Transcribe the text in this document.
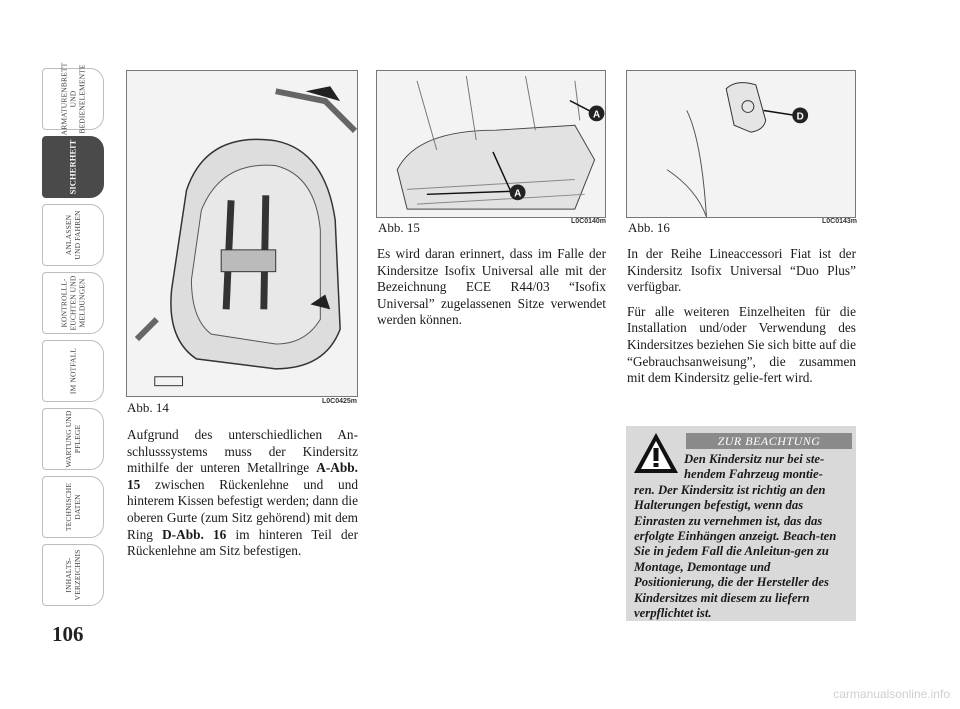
ARMATURENBRETT
UND
BEDIENELEMENTE
SICHERHEIT
ANLASSEN
UND FAHREN
KONTROLLL-
EUCHTEN UND
MELDUNGEN
IM NOTFALL
WARTUNG UND
PFLEGE
TECHNISCHE
DATEN
INHALTS-
VERZEICHNIS
106
Abb. 14	L0C0425m
A
A
Abb. 15	L0C0140m
D
Abb. 16	L0C0143m
Aufgrund des unterschiedlichen An-schlusssystems muss der Kindersitz mithilfe der unteren Metallringe A-Abb. 15 zwischen Rückenlehne und und hinterem Kissen befestigt werden; dann die oberen Gurte (zum Sitz gehörend) mit dem Ring D-Abb. 16 im hinteren Teil der Rückenlehne am Sitz befestigen.
Es wird daran erinnert, dass im Falle der Kindersitze Isofix Universal alle mit der Bezeichnung ECE R44/03 “Isofix Universal” zugelassenen Sitze verwendet werden können.

In der Reihe Lineaccessori Fiat ist der Kindersitz Isofix Universal “Duo Plus” verfügbar.

Für alle weiteren Einzelheiten für die Installation und/oder Verwendung des Kindersitzes beziehen Sie sich bitte auf die “Gebrauchsanweisung”, die zusammen mit dem Kindersitz gelie-fert wird.

ZUR BEACHTUNG
Den Kindersitz nur bei ste-hendem Fahrzeug montie-
ren. Der Kindersitz ist richtig an den Halterungen befestigt, wenn das Einrasten zu vernehmen ist, das das erfolgte Einhängen anzeigt. Beach-ten Sie in jedem Fall die Anleitun-gen zu Montage, Demontage und Positionierung, die der Hersteller des Kindersitzes mit diesem zu liefern verpflichtet ist.
carmanualsonline.info
